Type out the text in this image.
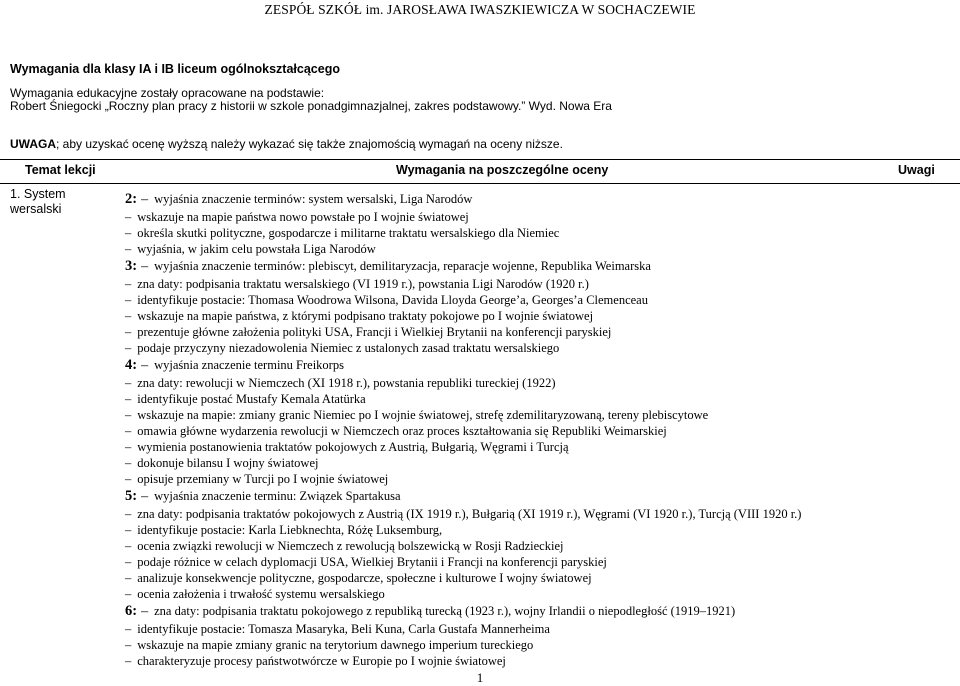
ZESPÓŁ SZKÓŁ im. JAROSŁAWA IWASZKIEWICZA W SOCHACZEWIE
Wymagania dla klasy IA i IB liceum ogólnokształcącego
Wymagania edukacyjne zostały opracowane na podstawie:
Robert Śniegocki „Roczny plan pracy z historii w szkole ponadgimnazjalnej, zakres podstawowy.” Wyd. Nowa Era
UWAGA; aby uzyskać ocenę wyższą należy wykazać się także znajomością wymagań na oceny niższe.
Temat lekcji	Wymagania na poszczególne oceny	Uwagi
1. System wersalski
2: – wyjaśnia znaczenie terminów: system wersalski, Liga Narodów
– wskazuje na mapie państwa nowo powstałe po I wojnie światowej
– określa skutki polityczne, gospodarcze i militarne traktatu wersalskiego dla Niemiec
– wyjaśnia, w jakim celu powstała Liga Narodów
3: – wyjaśnia znaczenie terminów: plebiscyt, demilitaryzacja, reparacje wojenne, Republika Weimarska
– zna daty: podpisania traktatu wersalskiego (VI 1919 r.), powstania Ligi Narodów (1920 r.)
– identyfikuje postacie: Thomasa Woodrowa Wilsona, Davida Lloyda George’a, Georges’a Clemenceau
– wskazuje na mapie państwa, z którymi podpisano traktaty pokojowe po I wojnie światowej
– prezentuje główne założenia polityki USA, Francji i Wielkiej Brytanii na konferencji paryskiej
– podaje przyczyny niezadowolenia Niemiec z ustalonych zasad traktatu wersalskiego
4: – wyjaśnia znaczenie terminu Freikorps
– zna daty: rewolucji w Niemczech (XI 1918 r.), powstania republiki tureckiej (1922)
– identyfikuje postać Mustafy Kemala Atatürka
– wskazuje na mapie: zmiany granic Niemiec po I wojnie światowej, strefę zdemilitaryzowaną, tereny plebiscytowe
– omawia główne wydarzenia rewolucji w Niemczech oraz proces kształtowania się Republiki Weimarskiej
– wymienia postanowienia traktatów pokojowych z Austrią, Bułgarią, Węgrami i Turcją
– dokonuje bilansu I wojny światowej
– opisuje przemiany w Turcji po I wojnie światowej
5: – wyjaśnia znaczenie terminu: Związek Spartakusa
– zna daty: podpisania traktatów pokojowych z Austrią (IX 1919 r.), Bułgarią (XI 1919 r.), Węgrami (VI 1920 r.), Turcją (VIII 1920 r.)
– identyfikuje postacie: Karla Liebknechta, Różę Luksemburg,
– ocenia związki rewolucji w Niemczech z rewolucją bolszewicką w Rosji Radzieckiej
– podaje różnice w celach dyplomacji USA, Wielkiej Brytanii i Francji na konferencji paryskiej
– analizuje konsekwencje polityczne, gospodarcze, społeczne i kulturowe I wojny światowej
– ocenia założenia i trwałość systemu wersalskiego
6: – zna daty: podpisania traktatu pokojowego z republiką turecką (1923 r.), wojny Irlandii o niepodległość (1919–1921)
– identyfikuje postacie: Tomasza Masaryka, Beli Kuna, Carla Gustafa Mannerheima
– wskazuje na mapie zmiany granic na terytorium dawnego imperium tureckiego
– charakteryzuje procesy państwotwórcze w Europie po I wojnie światowej
1
